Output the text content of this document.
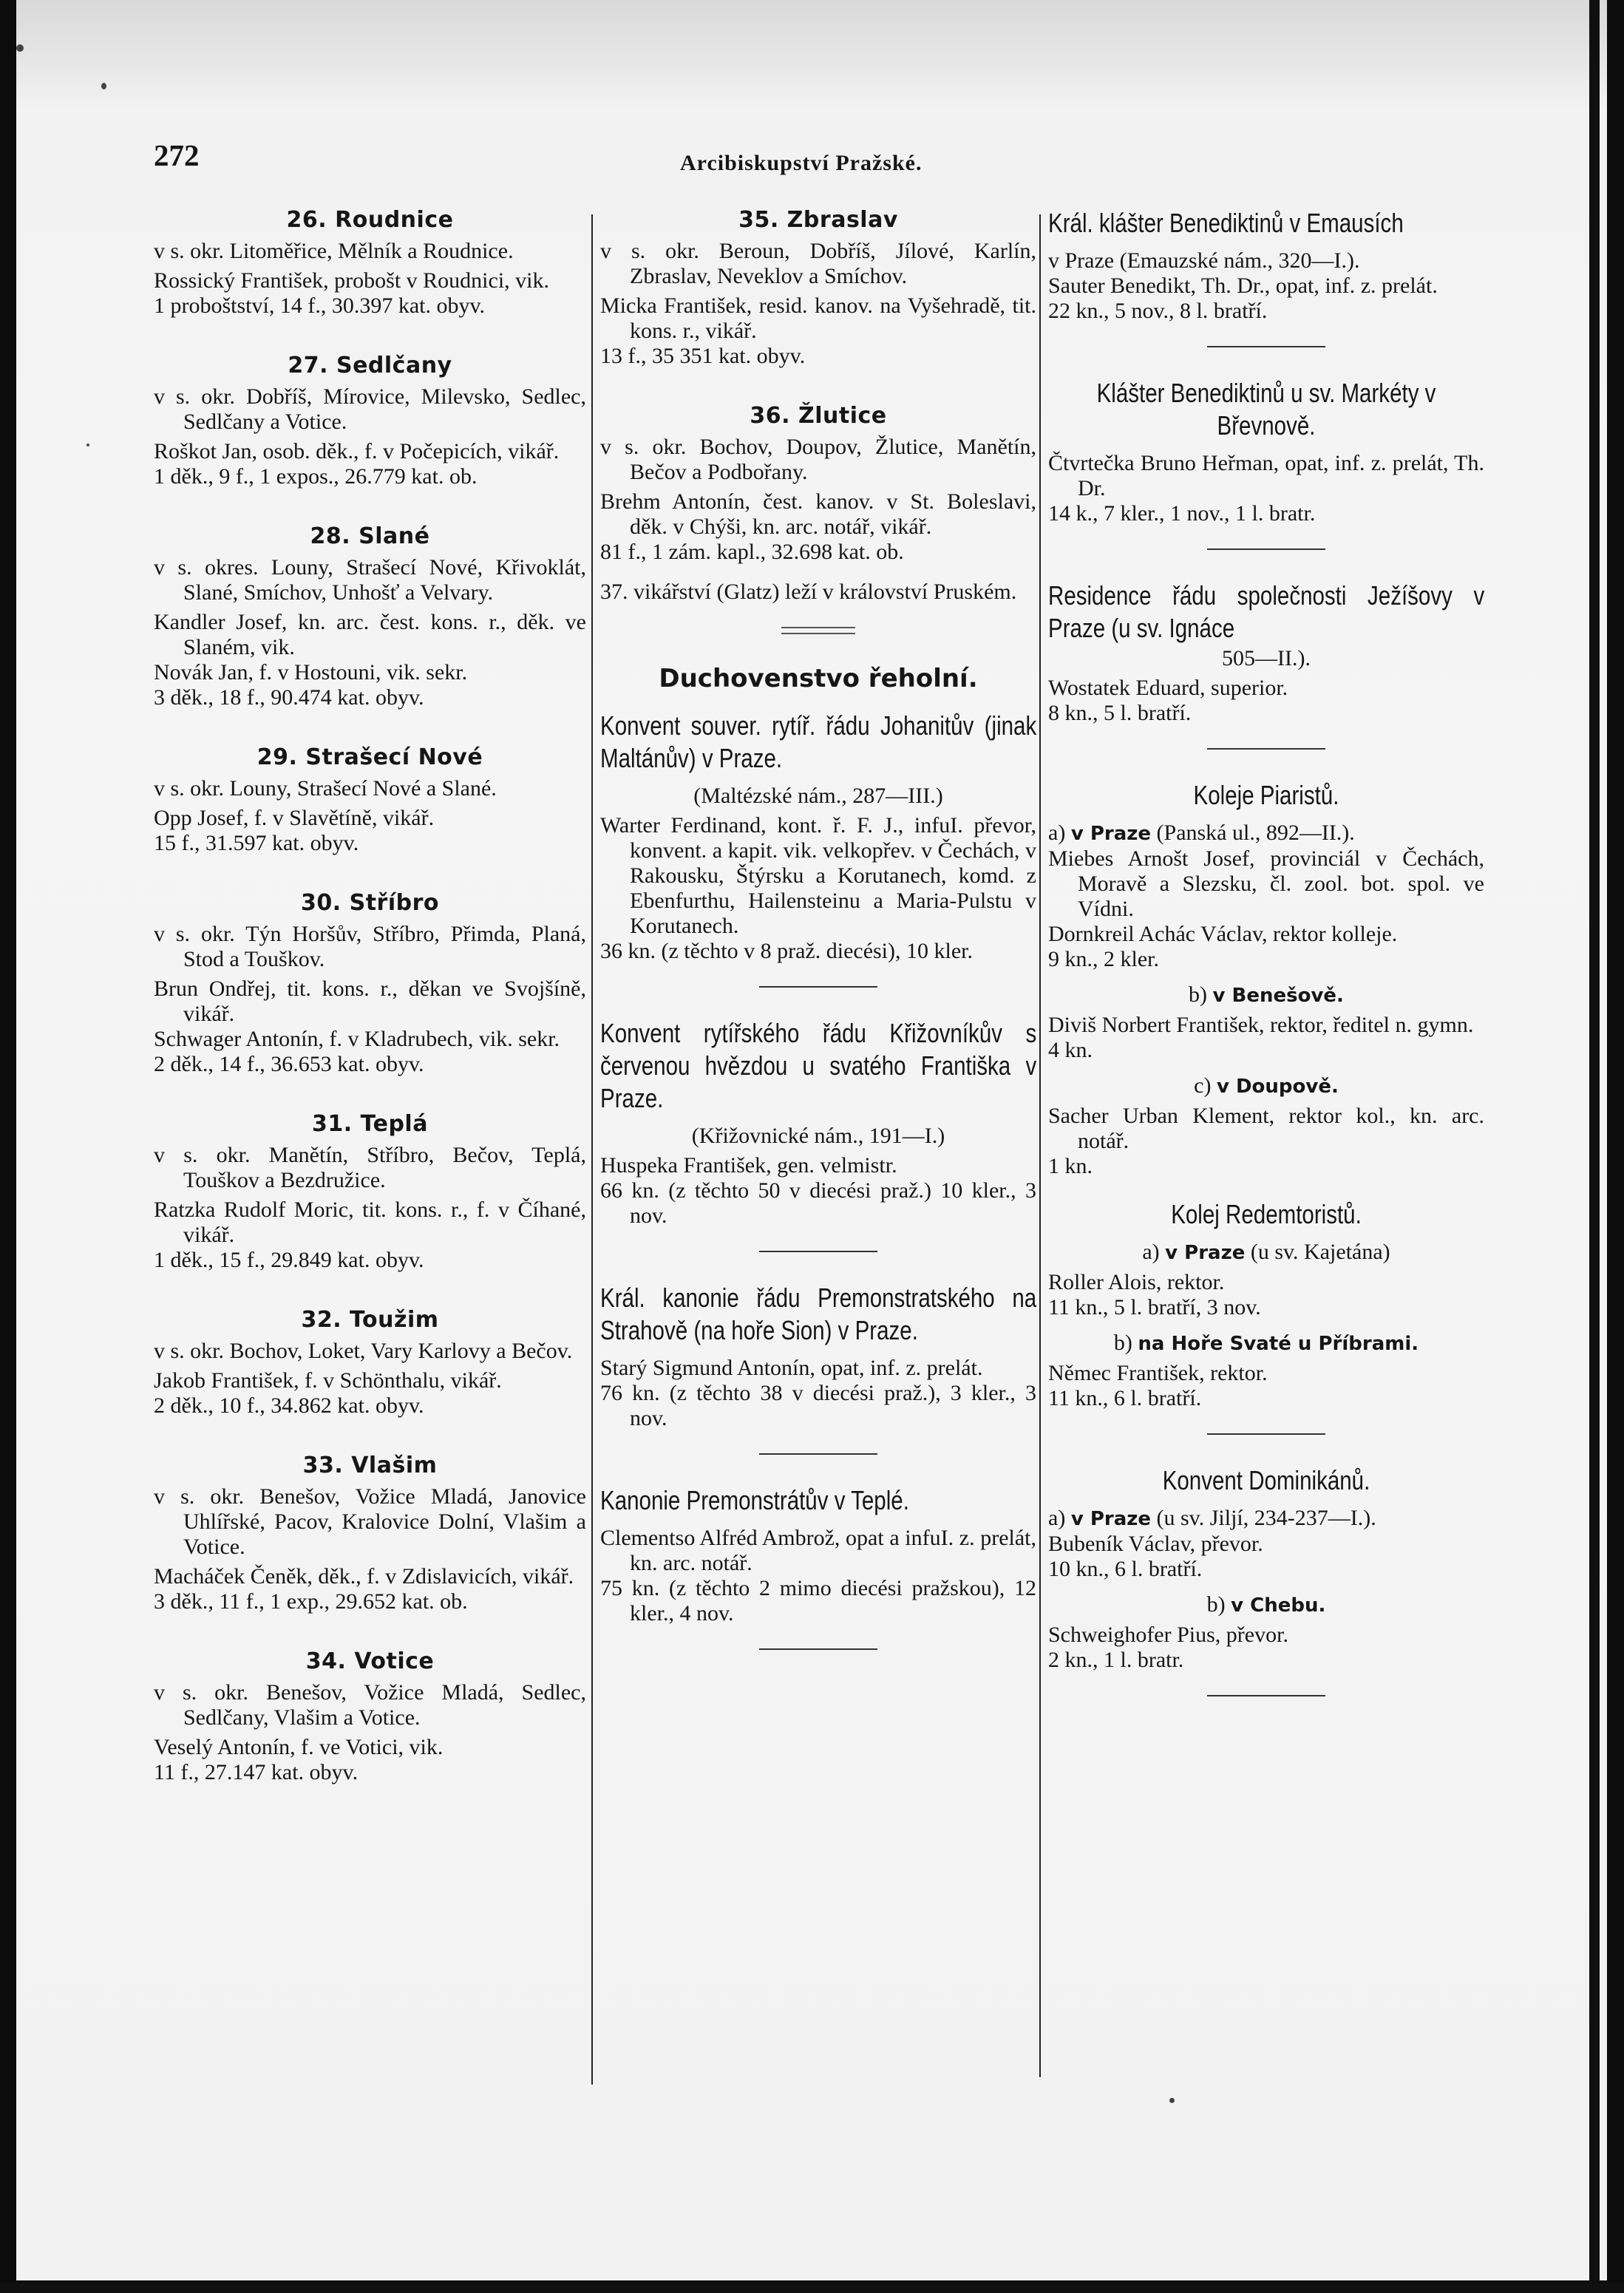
272	Arcibiskupství Pražské.
26. Roudnice

v s. okr. Litoměřice, Mělník a Roudnice.

Rossický František, probošt v Roudnici, vik.

1 proboštství, 14 f., 30.397 kat. obyv.

27. Sedlčany

v s. okr. Dobříš, Mírovice, Milevsko, Sedlec, Sedlčany a Votice.

Roškot Jan, osob. děk., f. v Počepicích, vikář.

1 děk., 9 f., 1 expos., 26.779 kat. ob.

28. Slané

v s. okres. Louny, Strašecí Nové, Křivoklát, Slané, Smíchov, Unhošť a Velvary.

Kandler Josef, kn. arc. čest. kons. r., děk. ve Slaném, vik.

Novák Jan, f. v Hostouni, vik. sekr.

3 děk., 18 f., 90.474 kat. obyv.

29. Strašecí Nové

v s. okr. Louny, Strašecí Nové a Slané.

Opp Josef, f. v Slavětíně, vikář.

15 f., 31.597 kat. obyv.

30. Stříbro

v s. okr. Týn Horšův, Stříbro, Přimda, Planá, Stod a Touškov.

Brun Ondřej, tit. kons. r., děkan ve Svojšíně, vikář.

Schwager Antonín, f. v Kladrubech, vik. sekr.

2 děk., 14 f., 36.653 kat. obyv.

31. Teplá

v s. okr. Manětín, Stříbro, Bečov, Teplá, Touškov a Bezdružice.

Ratzka Rudolf Moric, tit. kons. r., f. v Číhané, vikář.

1 děk., 15 f., 29.849 kat. obyv.

32. Toužim

v s. okr. Bochov, Loket, Vary Karlovy a Bečov.

Jakob František, f. v Schönthalu, vikář.

2 děk., 10 f., 34.862 kat. obyv.

33. Vlašim

v s. okr. Benešov, Vožice Mladá, Janovice Uhlířské, Pacov, Kralovice Dolní, Vlašim a Votice.

Macháček Čeněk, děk., f. v Zdislavicích, vikář.

3 děk., 11 f., 1 exp., 29.652 kat. ob.

34. Votice

v s. okr. Benešov, Vožice Mladá, Sedlec, Sedlčany, Vlašim a Votice.

Veselý Antonín, f. ve Votici, vik.

11 f., 27.147 kat. obyv.

35. Zbraslav

v s. okr. Beroun, Dobříš, Jílové, Karlín, Zbraslav, Neveklov a Smíchov.

Micka František, resid. kanov. na Vyšehradě, tit. kons. r., vikář.

13 f., 35 351 kat. obyv.

36. Žlutice

v s. okr. Bochov, Doupov, Žlutice, Manětín, Bečov a Podbořany.

Brehm Antonín, čest. kanov. v St. Boleslavi, děk. v Chýši, kn. arc. notář, vikář.

81 f., 1 zám. kapl., 32.698 kat. ob.

37. vikářství (Glatz) leží v království Pruském.

Duchovenstvo řeholní.
Konvent souver. rytíř. řádu Johanitův (jinak Maltánův) v Praze.

(Maltézské nám., 287—III.)

Warter Ferdinand, kont. ř. F. J., infuI. převor, konvent. a kapit. vik. velkopřev. v Čechách, v Rakousku, Štýrsku a Korutanech, komd. z Ebenfurthu, Hailensteinu a Maria-Pulstu v Korutanech.

36 kn. (z těchto v 8 praž. diecési), 10 kler.

Konvent rytířského řádu Křižovníkův s červenou hvězdou u svatého Františka v Praze.

(Křižovnické nám., 191—I.)

Huspeka František, gen. velmistr.

66 kn. (z těchto 50 v diecési praž.) 10 kler., 3 nov.

Král. kanonie řádu Premonstratského na Strahově (na hoře Sion) v Praze.

Starý Sigmund Antonín, opat, inf. z. prelát.

76 kn. (z těchto 38 v diecési praž.), 3 kler., 3 nov.

Kanonie Premonstrátův v Teplé.

Clementso Alfréd Ambrož, opat a infuI. z. prelát, kn. arc. notář.

75 kn. (z těchto 2 mimo diecési pražskou), 12 kler., 4 nov.

Král. klášter Benediktinů v Emausích

v Praze (Emauzské nám., 320—I.).

Sauter Benedikt, Th. Dr., opat, inf. z. prelát.

22 kn., 5 nov., 8 l. bratří.

Klášter Benediktinů u sv. Markéty v Břevnově.

Čtvrtečka Bruno Heřman, opat, inf. z. prelát, Th. Dr.

14 k., 7 kler., 1 nov., 1 l. bratr.

Residence řádu společnosti Ježíšovy v Praze (u sv. Ignáce

505—II.).

Wostatek Eduard, superior.

8 kn., 5 l. bratří.

Koleje Piaristů.

a) v Praze (Panská ul., 892—II.).

Miebes Arnošt Josef, provinciál v Čechách, Moravě a Slezsku, čl. zool. bot. spol. ve Vídni.

Dornkreil Achác Václav, rektor kolleje.

9 kn., 2 kler.

b) v Benešově.

Diviš Norbert František, rektor, ředitel n. gymn.

4 kn.

c) v Doupově.

Sacher Urban Klement, rektor kol., kn. arc. notář.

1 kn.

Kolej Redemtoristů.

a) v Praze (u sv. Kajetána)

Roller Alois, rektor.

11 kn., 5 l. bratří, 3 nov.

b) na Hoře Svaté u Příbrami.

Němec František, rektor.

11 kn., 6 l. bratří.

Konvent Dominikánů.

a) v Praze (u sv. Jiljí, 234-237—I.).

Bubeník Václav, převor.

10 kn., 6 l. bratří.

b) v Chebu.

Schweighofer Pius, převor.

2 kn., 1 l. bratr.
